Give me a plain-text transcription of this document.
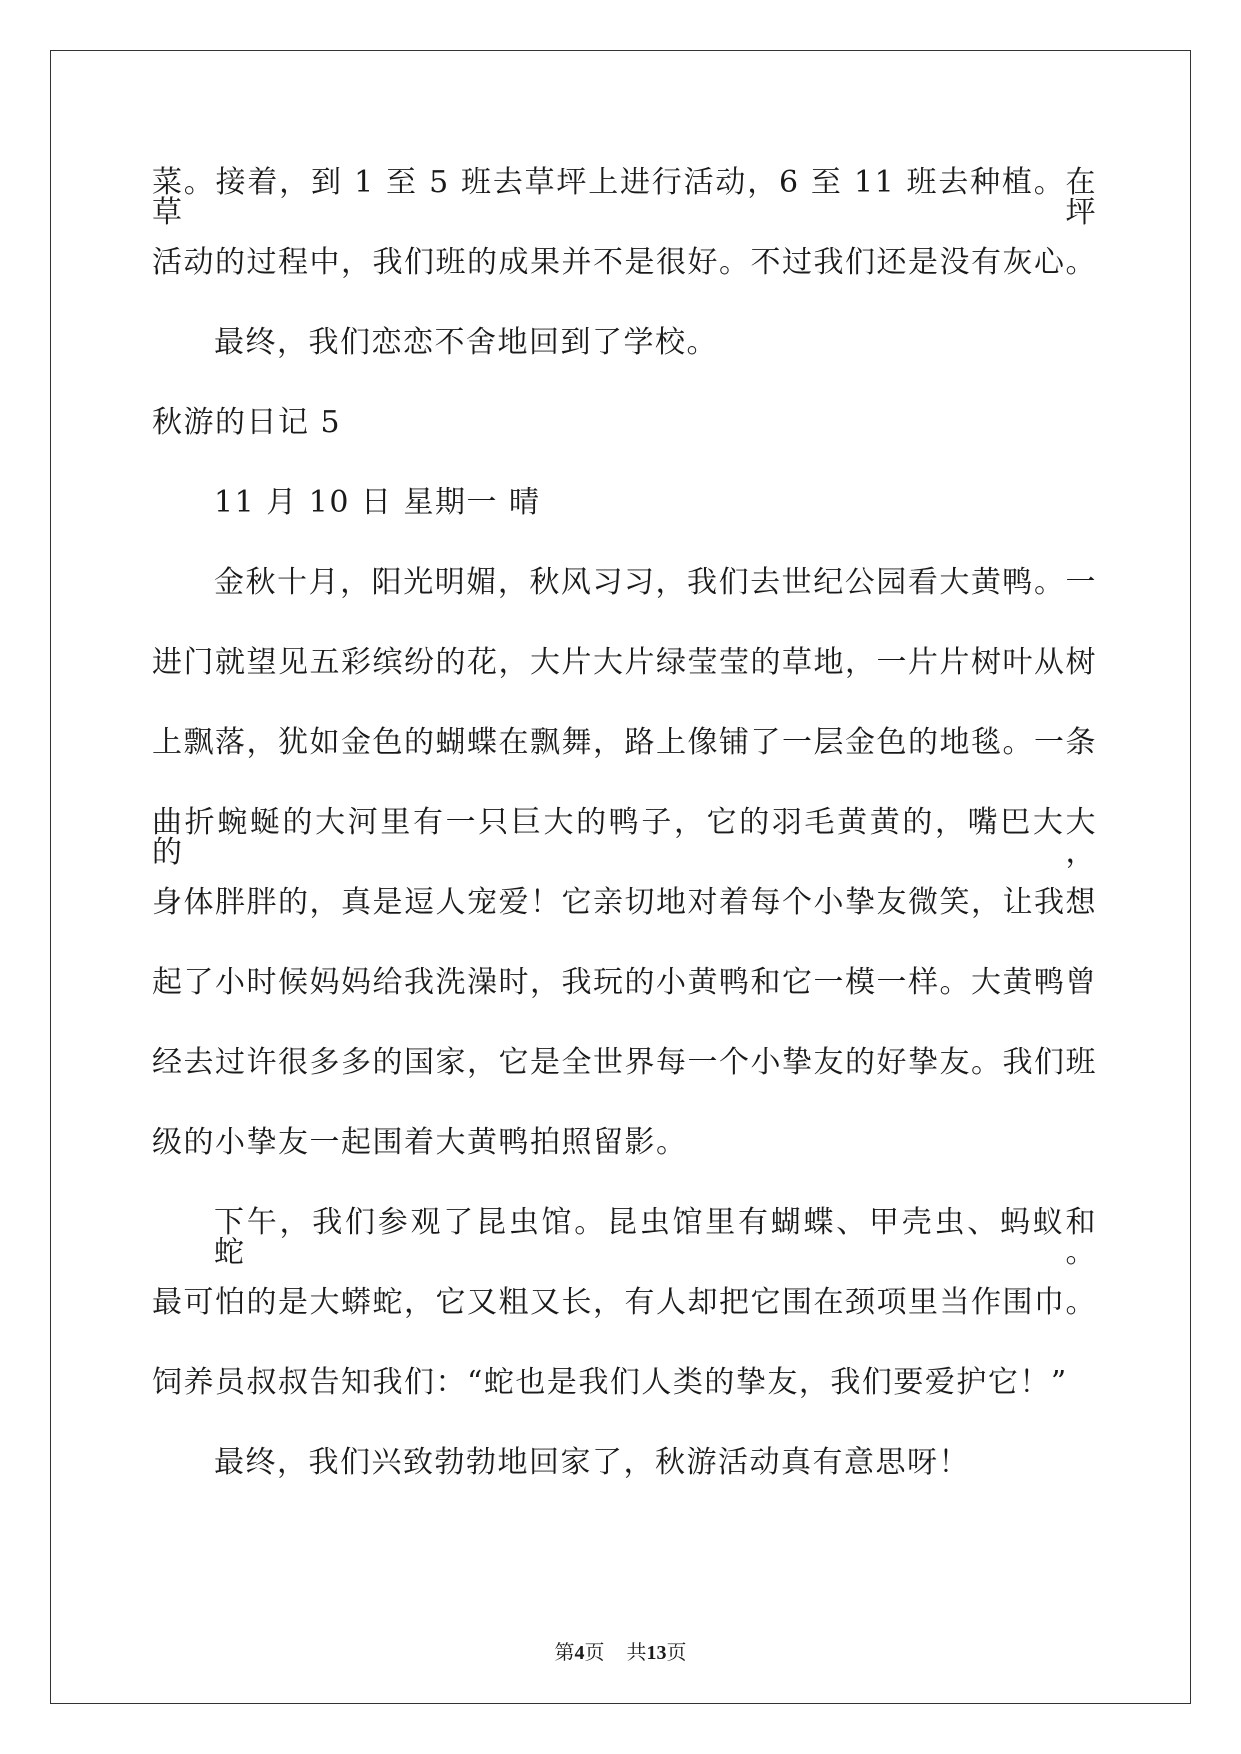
菜。接着，到 1 至 5 班去草坪上进行活动，6 至 11 班去种植。在草坪
活动的过程中，我们班的成果并不是很好。不过我们还是没有灰心。
最终，我们恋恋不舍地回到了学校。
秋游的日记 5
11 月 10 日 星期一 晴
金秋十月，阳光明媚，秋风习习，我们去世纪公园看大黄鸭。一
进门就望见五彩缤纷的花，大片大片绿莹莹的草地，一片片树叶从树
上飘落，犹如金色的蝴蝶在飘舞，路上像铺了一层金色的地毯。一条
曲折蜿蜒的大河里有一只巨大的鸭子，它的羽毛黄黄的，嘴巴大大的，
身体胖胖的，真是逗人宠爱！它亲切地对着每个小挚友微笑，让我想
起了小时候妈妈给我洗澡时，我玩的小黄鸭和它一模一样。大黄鸭曾
经去过许很多多的国家，它是全世界每一个小挚友的好挚友。我们班
级的小挚友一起围着大黄鸭拍照留影。
下午，我们参观了昆虫馆。昆虫馆里有蝴蝶、甲壳虫、蚂蚁和蛇。
最可怕的是大蟒蛇，它又粗又长，有人却把它围在颈项里当作围巾。
饲养员叔叔告知我们：“蛇也是我们人类的挚友，我们要爱护它！”
最终，我们兴致勃勃地回家了，秋游活动真有意思呀！
第4页 共13页
